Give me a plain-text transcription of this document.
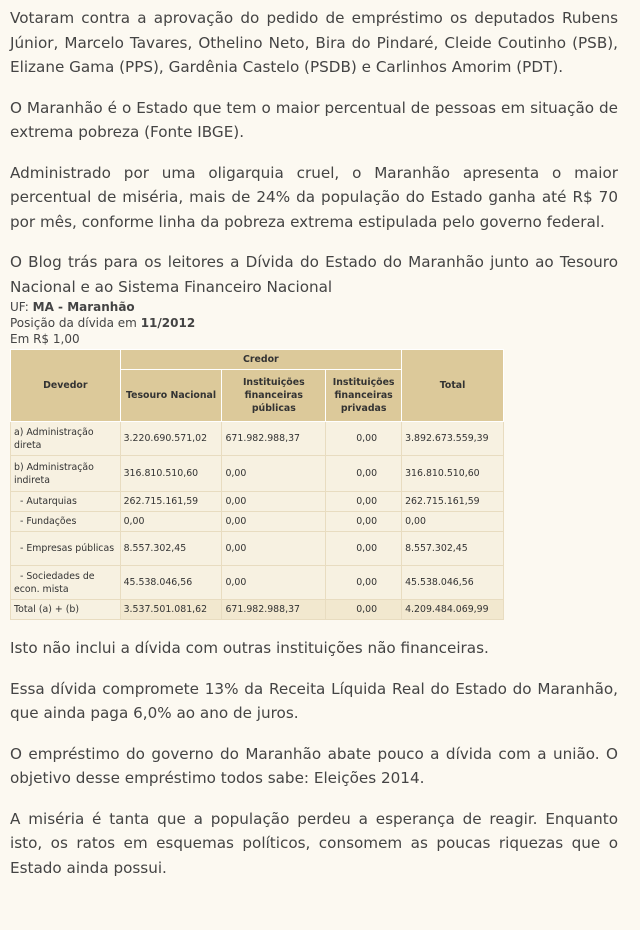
Votaram contra a aprovação do pedido de empréstimo os deputados Rubens Júnior, Marcelo Tavares, Othelino Neto, Bira do Pindaré, Cleide Coutinho (PSB), Elizane Gama (PPS), Gardênia Castelo (PSDB) e Carlinhos Amorim (PDT).

O Maranhão é o Estado que tem o maior percentual de pessoas em situação de extrema pobreza (Fonte IBGE).

Administrado por uma oligarquia cruel, o Maranhão apresenta o maior percentual de miséria, mais de 24% da população do Estado ganha até R$ 70 por mês, conforme linha da pobreza extrema estipulada pelo governo federal.

O Blog trás para os leitores a Dívida do Estado do Maranhão junto ao Tesouro Nacional e ao Sistema Financeiro Nacional

UF: MA - Maranhão
Posição da dívida em 11/2012
Em R$ 1,00
Devedor	Credor			Total
	Tesouro Nacional	Instituições financeiras públicas	Instituições financeiras privadas	
a) Administração direta	3.220.690.571,02	671.982.988,37	0,00	3.892.673.559,39
b) Administração indireta	316.810.510,60	0,00	0,00	316.810.510,60
- Autarquias	262.715.161,59	0,00	0,00	262.715.161,59
- Fundações	0,00	0,00	0,00	0,00
- Empresas públicas	8.557.302,45	0,00	0,00	8.557.302,45
- Sociedades de econ. mista	45.538.046,56	0,00	0,00	45.538.046,56
Total (a) + (b)	3.537.501.081,62	671.982.988,37	0,00	4.209.484.069,99

Isto não inclui a dívida com outras instituições não financeiras.

Essa dívida compromete 13% da Receita Líquida Real do Estado do Maranhão, que ainda paga 6,0% ao ano de juros.

O empréstimo do governo do Maranhão abate pouco a dívida com a união. O objetivo desse empréstimo todos sabe: Eleições 2014.

A miséria é tanta que a população perdeu a esperança de reagir. Enquanto isto, os ratos em esquemas políticos, consomem as poucas riquezas que o Estado ainda possui.
